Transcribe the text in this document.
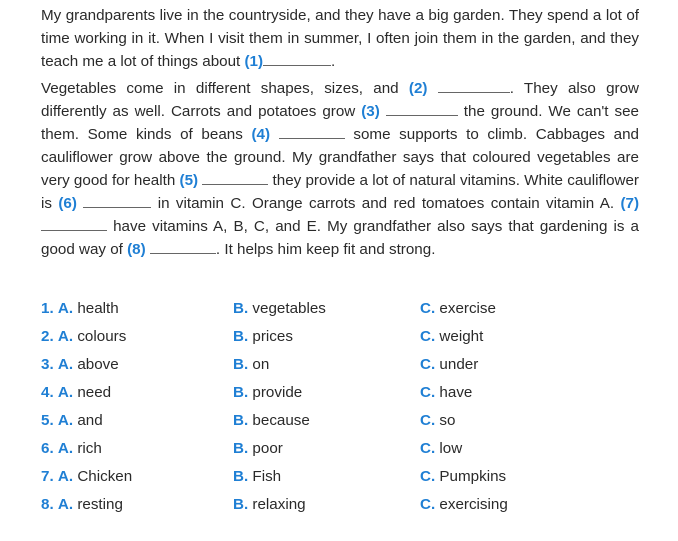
My grandparents live in the countryside, and they have a big garden. They spend a lot of time working in it. When I visit them in summer, I often join them in the garden, and they teach me a lot of things about (1)	.

Vegetables come in different shapes, sizes, and (2)	. They also grow differently as well. Carrots and potatoes grow (3)	the ground. We can't see them. Some kinds of beans (4)	some supports to climb. Cabbages and cauliflower grow above the ground. My grandfather says that coloured vegetables are very good for health (5)	they provide a lot of natural vitamins. White cauliflower is (6)	in vitamin C. Orange carrots and red tomatoes contain vitamin A. (7)  have vitamins A, B, C, and E. My grandfather also says that gardening is a good way of (8)	. It helps him keep fit and strong.

1. A. health	B. vegetables	C. exercise
2. A. colours	B. prices	C. weight
3. A. above	B. on	C. under
4. A. need	B. provide	C. have
5. A. and	B. because	C. so
6. A. rich	B. poor	C. low
7. A. Chicken	B. Fish	C. Pumpkins
8. A. resting	B. relaxing	C. exercising
